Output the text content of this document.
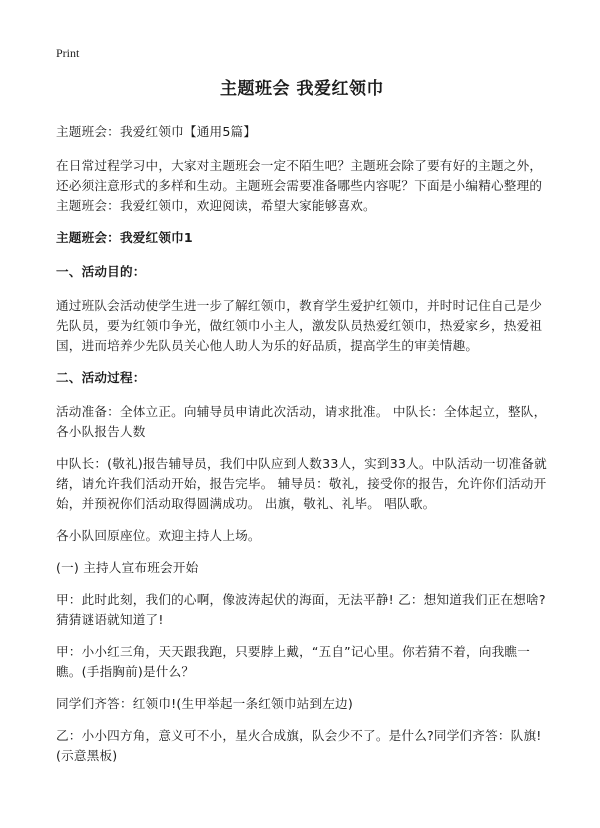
Print
主题班会 我爱红领巾

主题班会：我爱红领巾【通用5篇】

在日常过程学习中，大家对主题班会一定不陌生吧？主题班会除了要有好的主题之外，还必须注意形式的多样和生动。主题班会需要准备哪些内容呢？下面是小编精心整理的主题班会：我爱红领巾，欢迎阅读，希望大家能够喜欢。

主题班会：我爱红领巾1

一、活动目的：

通过班队会活动使学生进一步了解红领巾，教育学生爱护红领巾，并时时记住自己是少先队员，要为红领巾争光，做红领巾小主人，激发队员热爱红领巾，热爱家乡，热爱祖国，进而培养少先队员关心他人助人为乐的好品质，提高学生的审美情趣。

二、活动过程：

活动准备：全体立正。向辅导员申请此次活动，请求批准。 中队长：全体起立，整队，各小队报告人数

中队长：(敬礼)报告辅导员，我们中队应到人数33人，实到33人。中队活动一切准备就绪，请允许我们活动开始，报告完毕。 辅导员：敬礼，接受你的报告，允许你们活动开始，并预祝你们活动取得圆满成功。 出旗，敬礼、礼毕。 唱队歌。

各小队回原座位。欢迎主持人上场。

(一) 主持人宣布班会开始

甲：此时此刻，我们的心啊，像波涛起伏的海面，无法平静! 乙：想知道我们正在想啥?猜猜谜语就知道了!

甲：小小红三角，天天跟我跑，只要脖上戴，“五自”记心里。你若猜不着，向我瞧一瞧。(手指胸前)是什么？

同学们齐答：红领巾!(生甲举起一条红领巾站到左边)

乙：小小四方角，意义可不小，星火合成旗，队会少不了。是什么?同学们齐答：队旗!(示意黑板)
